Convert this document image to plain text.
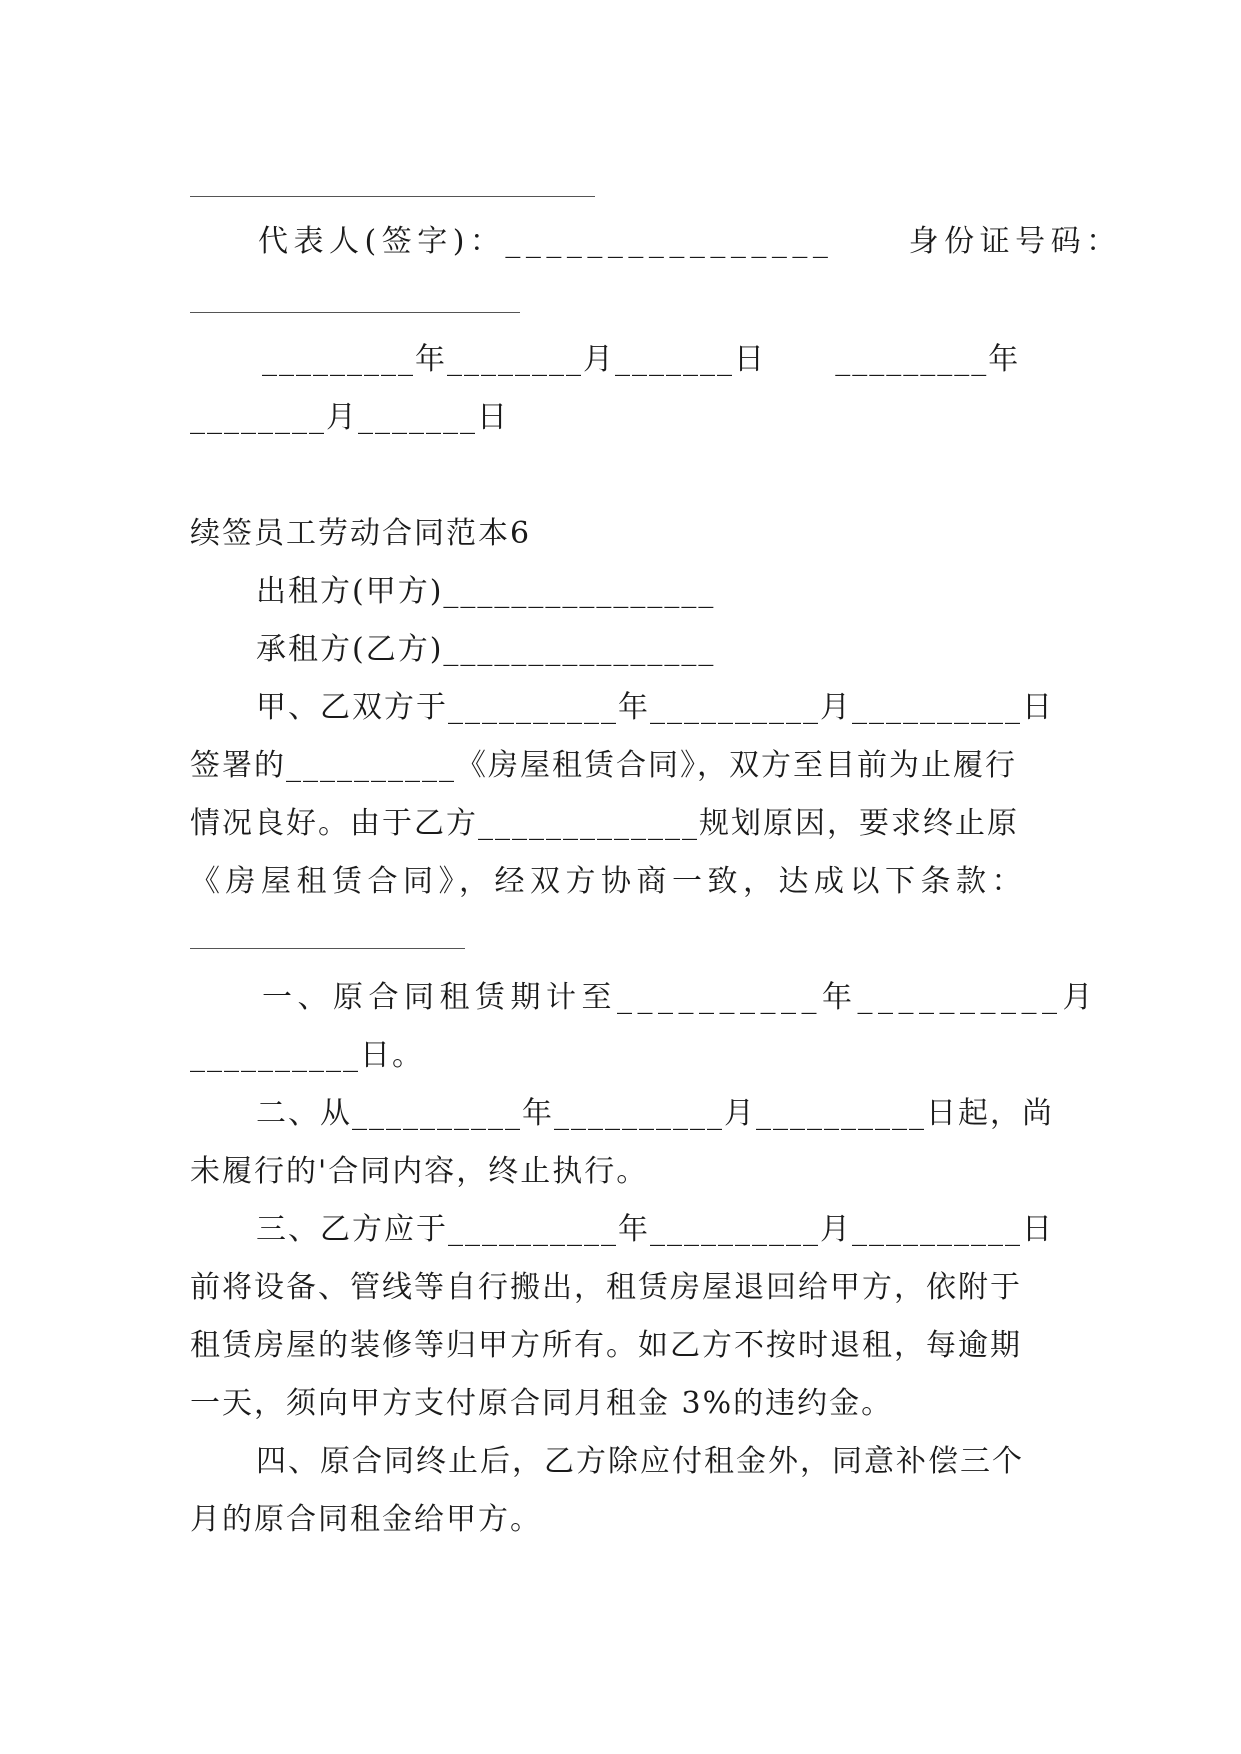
代表人(签字)：________________     身份证号码：
_________年________月_______日      _________年
________月_______日
续签员工劳动合同范本6
出租方(甲方)________________
承租方(乙方)________________
甲、乙双方于__________年__________月__________日
签署的__________《房屋租赁合同》，双方至目前为止履行
情况良好。由于乙方_____________规划原因，要求终止原
《房屋租赁合同》，经双方协商一致，达成以下条款：
一、原合同租赁期计至__________年__________月
__________日。
二、从__________年__________月__________日起，尚
未履行的'合同内容，终止执行。
三、乙方应于__________年__________月__________日
前将设备、管线等自行搬出，租赁房屋退回给甲方，依附于
租赁房屋的装修等归甲方所有。如乙方不按时退租，每逾期
一天，须向甲方支付原合同月租金 3%的违约金。
四、原合同终止后，乙方除应付租金外，同意补偿三个
月的原合同租金给甲方。
